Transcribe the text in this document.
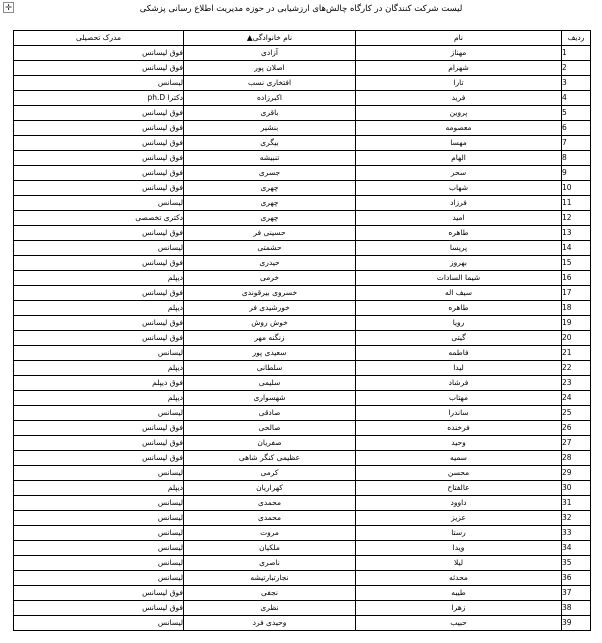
✛	لیست شرکت کنندگان در کارگاه چالش‌های ارزشیابی در حوزه مدیریت اطلاع رسانی پزشکی
ردیف	نام	نام خانوادگی▲	مدرک تحصیلی
1	مهناز	آزادی	فوق لیسانس
2	شهرام	اصلان پور	فوق لیسانس
3	تارا	افتخاری نسب	لیسانس
4	فرید	اکبرزاده	دکترا ph.D
5	پروین	باقری	فوق لیسانس
6	معصومه	بنشیر	فوق لیسانس
7	مهسا	بیگری	فوق لیسانس
8	الهام	تنبیشه	فوق لیسانس
9	سحر	جسری	فوق لیسانس
10	شهاب	چهری	فوق لیسانس
11	فرزاد	چهری	لیسانس
12	امید	چهری	دکتری تخصصی
13	طاهره	حسینی فر	فوق لیسانس
14	پریسا	حشمتی	لیسانس
15	بهروز	حیدری	فوق لیسانس
16	شیما السادات	خرمی	دیپلم
17	سیف اله	خسروی بیرقوندی	فوق لیسانس
18	طاهره	خورشیدی فر	دیپلم
19	رویا	خوش روش	فوق لیسانس
20	گیتی	زنگنه مهر	فوق لیسانس
21	فاطمه	سعیدی پور	لیسانس
22	لیدا	سلطانی	دیپلم
23	فرشاد	سلیمی	فوق دیپلم
24	مهتاب	شهسواری	دیپلم
25	ساندرا	صادقی	لیسانس
26	فرخنده	صالحی	فوق لیسانس
27	وحید	صفریان	فوق لیسانس
28	سمیه	عظیمی کنگر شاهی	فوق لیسانس
29	محسن	کرمی	لیسانس
30	عالفتاح	کهراریان	دیپلم
31	داوود	محمدی	لیسانس
32	عزیز	محمدی	لیسانس
33	رستا	مروت	لیسانس
34	ویدا	ملکیان	لیسانس
35	لیلا	ناصری	لیسانس
36	محدثه	نجارتبارتیشه	لیسانس
37	طیبه	نجفی	فوق لیسانس
38	زهرا	نظری	فوق لیسانس
39	حبیب	وحیدی فرد	لیسانس
